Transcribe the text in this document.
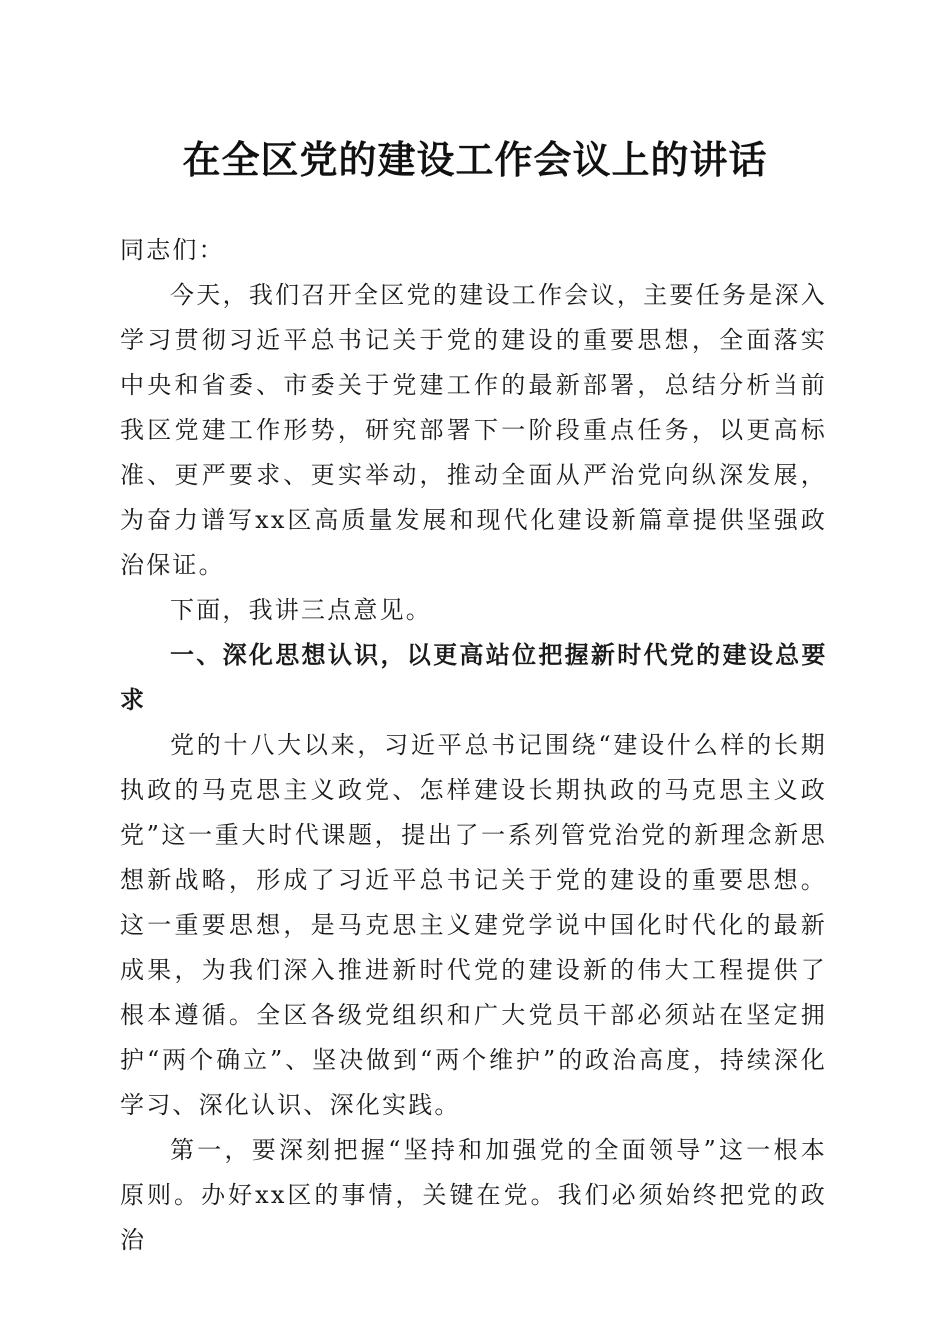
在全区党的建设工作会议上的讲话

同志们：

今天，我们召开全区党的建设工作会议，主要任务是深入学习贯彻习近平总书记关于党的建设的重要思想，全面落实中央和省委、市委关于党建工作的最新部署，总结分析当前我区党建工作形势，研究部署下一阶段重点任务，以更高标准、更严要求、更实举动，推动全面从严治党向纵深发展，为奋力谱写xx区高质量发展和现代化建设新篇章提供坚强政治保证。

下面，我讲三点意见。

一、深化思想认识，以更高站位把握新时代党的建设总要求

党的十八大以来，习近平总书记围绕“建设什么样的长期执政的马克思主义政党、怎样建设长期执政的马克思主义政党”这一重大时代课题，提出了一系列管党治党的新理念新思想新战略，形成了习近平总书记关于党的建设的重要思想。这一重要思想，是马克思主义建党学说中国化时代化的最新成果，为我们深入推进新时代党的建设新的伟大工程提供了根本遵循。全区各级党组织和广大党员干部必须站在坚定拥护“两个确立”、坚决做到“两个维护”的政治高度，持续深化学习、深化认识、深化实践。

第一，要深刻把握“坚持和加强党的全面领导”这一根本原则。办好xx区的事情，关键在党。我们必须始终把党的政治
